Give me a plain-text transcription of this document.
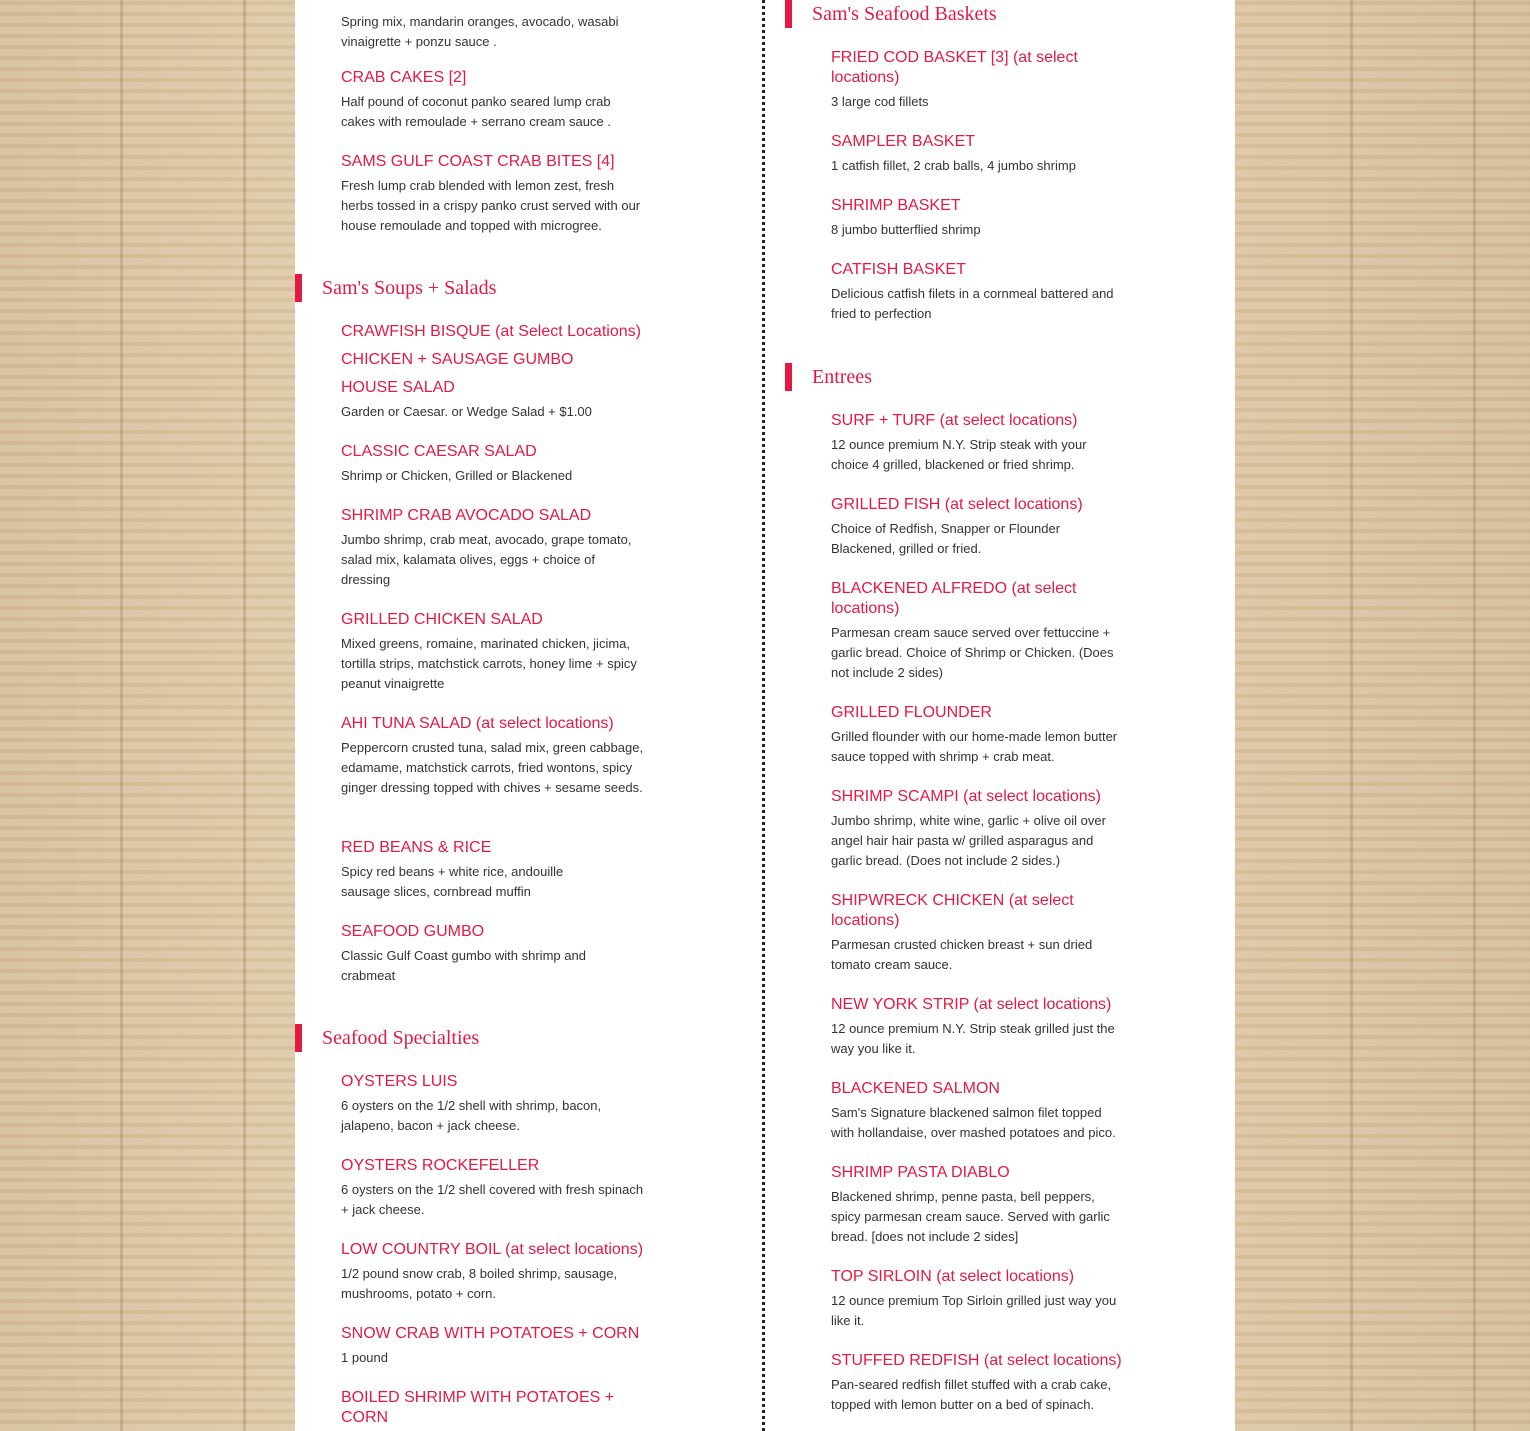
Spring mix, mandarin oranges, avocado, wasabi vinaigrette + ponzu sauce .
CRAB CAKES [2]
Half pound of coconut panko seared lump crab cakes with remoulade + serrano cream sauce .
SAMS GULF COAST CRAB BITES [4]
Fresh lump crab blended with lemon zest, fresh herbs tossed in a crispy panko crust served with our house remoulade and topped with microgree.
Sam's Soups + Salads
CRAWFISH BISQUE (at Select Locations)
CHICKEN + SAUSAGE GUMBO
HOUSE SALAD
Garden or Caesar. or Wedge Salad + $1.00
CLASSIC CAESAR SALAD
Shrimp or Chicken, Grilled or Blackened
SHRIMP CRAB AVOCADO SALAD
Jumbo shrimp, crab meat, avocado, grape tomato, salad mix, kalamata olives, eggs + choice of dressing
GRILLED CHICKEN SALAD
Mixed greens, romaine, marinated chicken, jicima, tortilla strips, matchstick carrots, honey lime + spicy peanut vinaigrette
AHI TUNA SALAD (at select locations)
Peppercorn crusted tuna, salad mix, green cabbage, edamame, matchstick carrots, fried wontons, spicy ginger dressing topped with chives + sesame seeds.
RED BEANS & RICE
Spicy red beans + white rice, andouille sausage slices, cornbread muffin
SEAFOOD GUMBO
Classic Gulf Coast gumbo with shrimp and crabmeat
Seafood Specialties
OYSTERS LUIS
6 oysters on the 1/2 shell with shrimp, bacon, jalapeno, bacon + jack cheese.
OYSTERS ROCKEFELLER
6 oysters on the 1/2 shell covered with fresh spinach + jack cheese.
LOW COUNTRY BOIL (at select locations)
1/2 pound snow crab, 8 boiled shrimp, sausage, mushrooms, potato + corn.
SNOW CRAB WITH POTATOES + CORN
1 pound
BOILED SHRIMP WITH POTATOES + CORN
Sam's Seafood Baskets
FRIED COD BASKET [3] (at select locations)
3 large cod fillets
SAMPLER BASKET
1 catfish fillet, 2 crab balls, 4 jumbo shrimp
SHRIMP BASKET
8 jumbo butterflied shrimp
CATFISH BASKET
Delicious catfish filets in a cornmeal battered and fried to perfection
Entrees
SURF + TURF (at select locations)
12 ounce premium N.Y. Strip steak with your choice 4 grilled, blackened or fried shrimp.
GRILLED FISH (at select locations)
Choice of Redfish, Snapper or Flounder Blackened, grilled or fried.
BLACKENED ALFREDO (at select locations)
Parmesan cream sauce served over fettuccine + garlic bread. Choice of Shrimp or Chicken. (Does not include 2 sides)
GRILLED FLOUNDER
Grilled flounder with our home-made lemon butter sauce topped with shrimp + crab meat.
SHRIMP SCAMPI (at select locations)
Jumbo shrimp, white wine, garlic + olive oil over angel hair hair pasta w/ grilled asparagus and garlic bread. (Does not include 2 sides.)
SHIPWRECK CHICKEN (at select locations)
Parmesan crusted chicken breast + sun dried tomato cream sauce.
NEW YORK STRIP (at select locations)
12 ounce premium N.Y. Strip steak grilled just the way you like it.
BLACKENED SALMON
Sam's Signature blackened salmon filet topped with hollandaise, over mashed potatoes and pico.
SHRIMP PASTA DIABLO
Blackened shrimp, penne pasta, bell peppers, spicy parmesan cream sauce. Served with garlic bread. [does not include 2 sides]
TOP SIRLOIN (at select locations)
12 ounce premium Top Sirloin grilled just way you like it.
STUFFED REDFISH (at select locations)
Pan-seared redfish fillet stuffed with a crab cake, topped with lemon butter on a bed of spinach.
